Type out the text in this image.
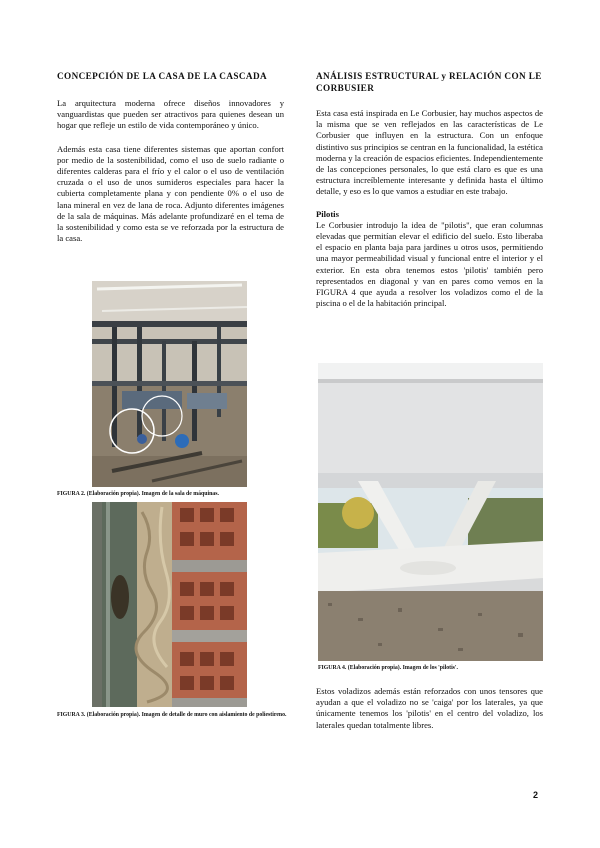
CONCEPCIÓN DE LA CASA DE LA CASCADA

La arquitectura moderna ofrece diseños innovadores y vanguardistas que pueden ser atractivos para quienes desean un hogar que refleje un estilo de vida contemporáneo y único.

Además esta casa tiene diferentes sistemas que aportan confort por medio de la sostenibilidad, como el uso de suelo radiante o diferentes calderas para el frío y el calor o el uso de ventilación cruzada o el uso de unos sumideros especiales para hacer la cubierta completamente plana y con pendiente 0% o el uso de lana mineral en vez de lana de roca. Adjunto diferentes imágenes de la sala de máquinas. Más adelante profundizaré en el tema de la sostenibilidad y como esta se ve reforzada por la estructura de la casa.

FIGURA 2. (Elaboración propia). Imagen de la sala de máquinas.

FIGURA 3. (Elaboración propia). Imagen de detalle de muro con aislamiento de poliestireno.

ANÁLISIS ESTRUCTURAL y RELACIÓN CON LE CORBUSIER

Esta casa está inspirada en Le Corbusier, hay muchos aspectos de la misma que se ven reflejados en las características de Le Corbusier que influyen en la estructura. Con un enfoque distintivo sus principios se centran en la funcionalidad, la estética moderna y la creación de espacios eficientes. Independientemente de las concepciones personales, lo que está claro es que es una estructura increíblemente interesante y definida hasta el último detalle, y eso es lo que vamos a estudiar en este trabajo.

Pilotis

Le Corbusier introdujo la idea de "pilotis", que eran columnas elevadas que permitían elevar el edificio del suelo. Esto liberaba el espacio en planta baja para jardines u otros usos, permitiendo una mayor permeabilidad visual y funcional entre el interior y el exterior. En esta obra tenemos estos 'pilotis' también pero representados en diagonal y van en pares como vemos en la FIGURA 4 que ayuda a resolver los voladizos como el de la piscina o el de la habitación principal.

FIGURA 4. (Elaboración propia). Imagen de los 'pilotis'.

Estos voladizos además están reforzados con unos tensores que ayudan a que el voladizo no se 'caiga' por los laterales, ya que únicamente tenemos los 'pilotis' en el centro del voladizo, los laterales quedan totalmente libres.

2
